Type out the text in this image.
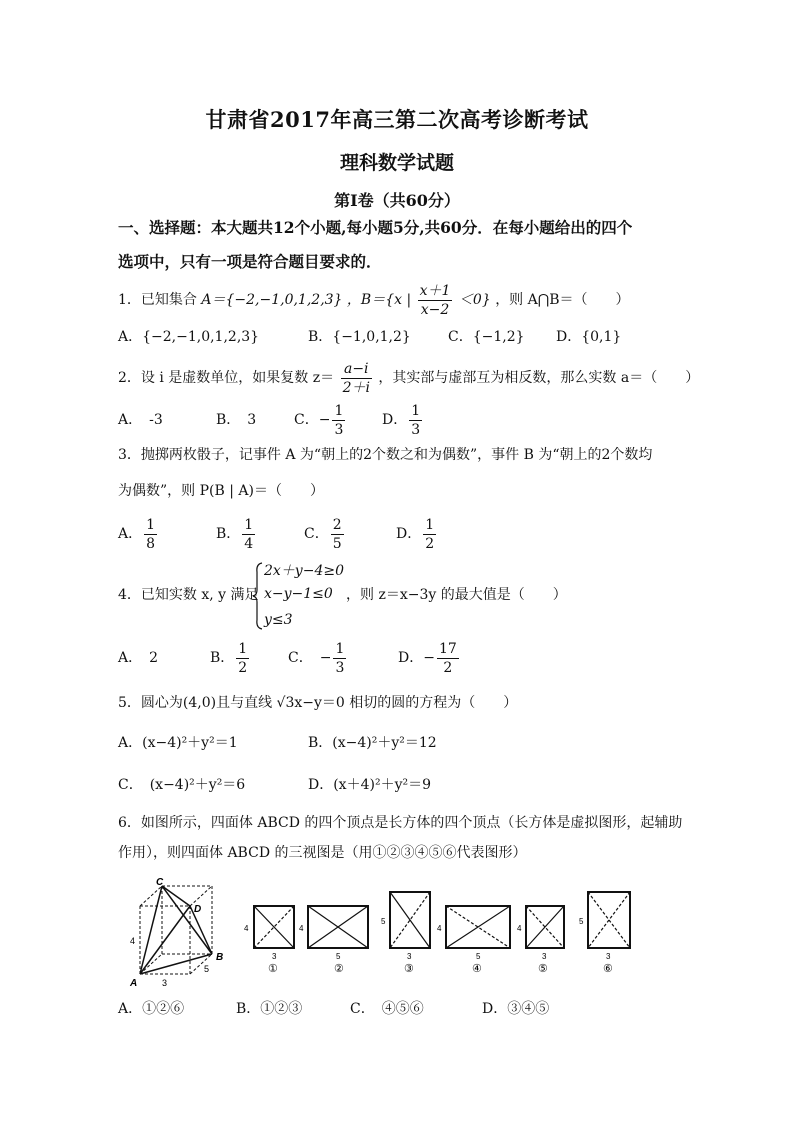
甘肃省2017年高三第二次高考诊断考试
理科数学试题
第Ⅰ卷（共60分）
一、选择题：本大题共12个小题,每小题5分,共60分．在每小题给出的四个
选项中，只有一项是符合题目要求的．
1．已知集合 A＝{−2,−1,0,1,2,3} ，B＝{x | $\frac{x+1}{x-2} <0$} ，则 A⋂B＝（　　）
A．{−2,−1,0,1,2,3}	B．{−1,0,1,2}	C．{−1,2} D．{0,1}
2．设 i 是虚数单位，如果复数 $z= \frac{a-i}{2+i}$ ，其实部与虚部互为相反数，那么实数 a＝（　　）
A．　-3	B．　3	C．− $\frac{1}{3}$	D． $\frac{1}{3}$
3．抛掷两枚骰子，记事件 A 为“朝上的2个数之和为偶数”，事件 B 为“朝上的2个数均
为偶数”，则 P(B | A)＝（　　）
A． $\frac{1}{8}$	B． $\frac{1}{4}$	C． $\frac{2}{5}$	D． $\frac{1}{2}$
4．已知实数 x, y 满足
2x＋y−4≥0
x−y−1≤0
y≤3
，则 z＝x−3y 的最大值是（　　）
A．　2	B． $\frac{1}{2}$	C．　− $\frac{1}{3}$	D．− $\frac{17}{2}$
5．圆心为(4,0)且与直线 √3x−y＝0 相切的圆的方程为（　　）
A．(x−4)²＋y²＝1	B．(x−4)²＋y²＝12
C．　(x−4)²＋y²＝6	D．(x＋4)²＋y²＝9
6．如图所示，四面体 ABCD 的四个顶点是长方体的四个顶点（长方体是虚拟图形，起辅助
作用），则四面体 ABCD 的三视图是（用①②③④⑤⑥代表图形）
C
D
A
B
4
3
5
3
4
①
5
4
②
3
5
③
5
4
④
3
4
⑤
3
5
⑥
A．①②⑥	B．①②③	C．　④⑤⑥	D．③④⑤
